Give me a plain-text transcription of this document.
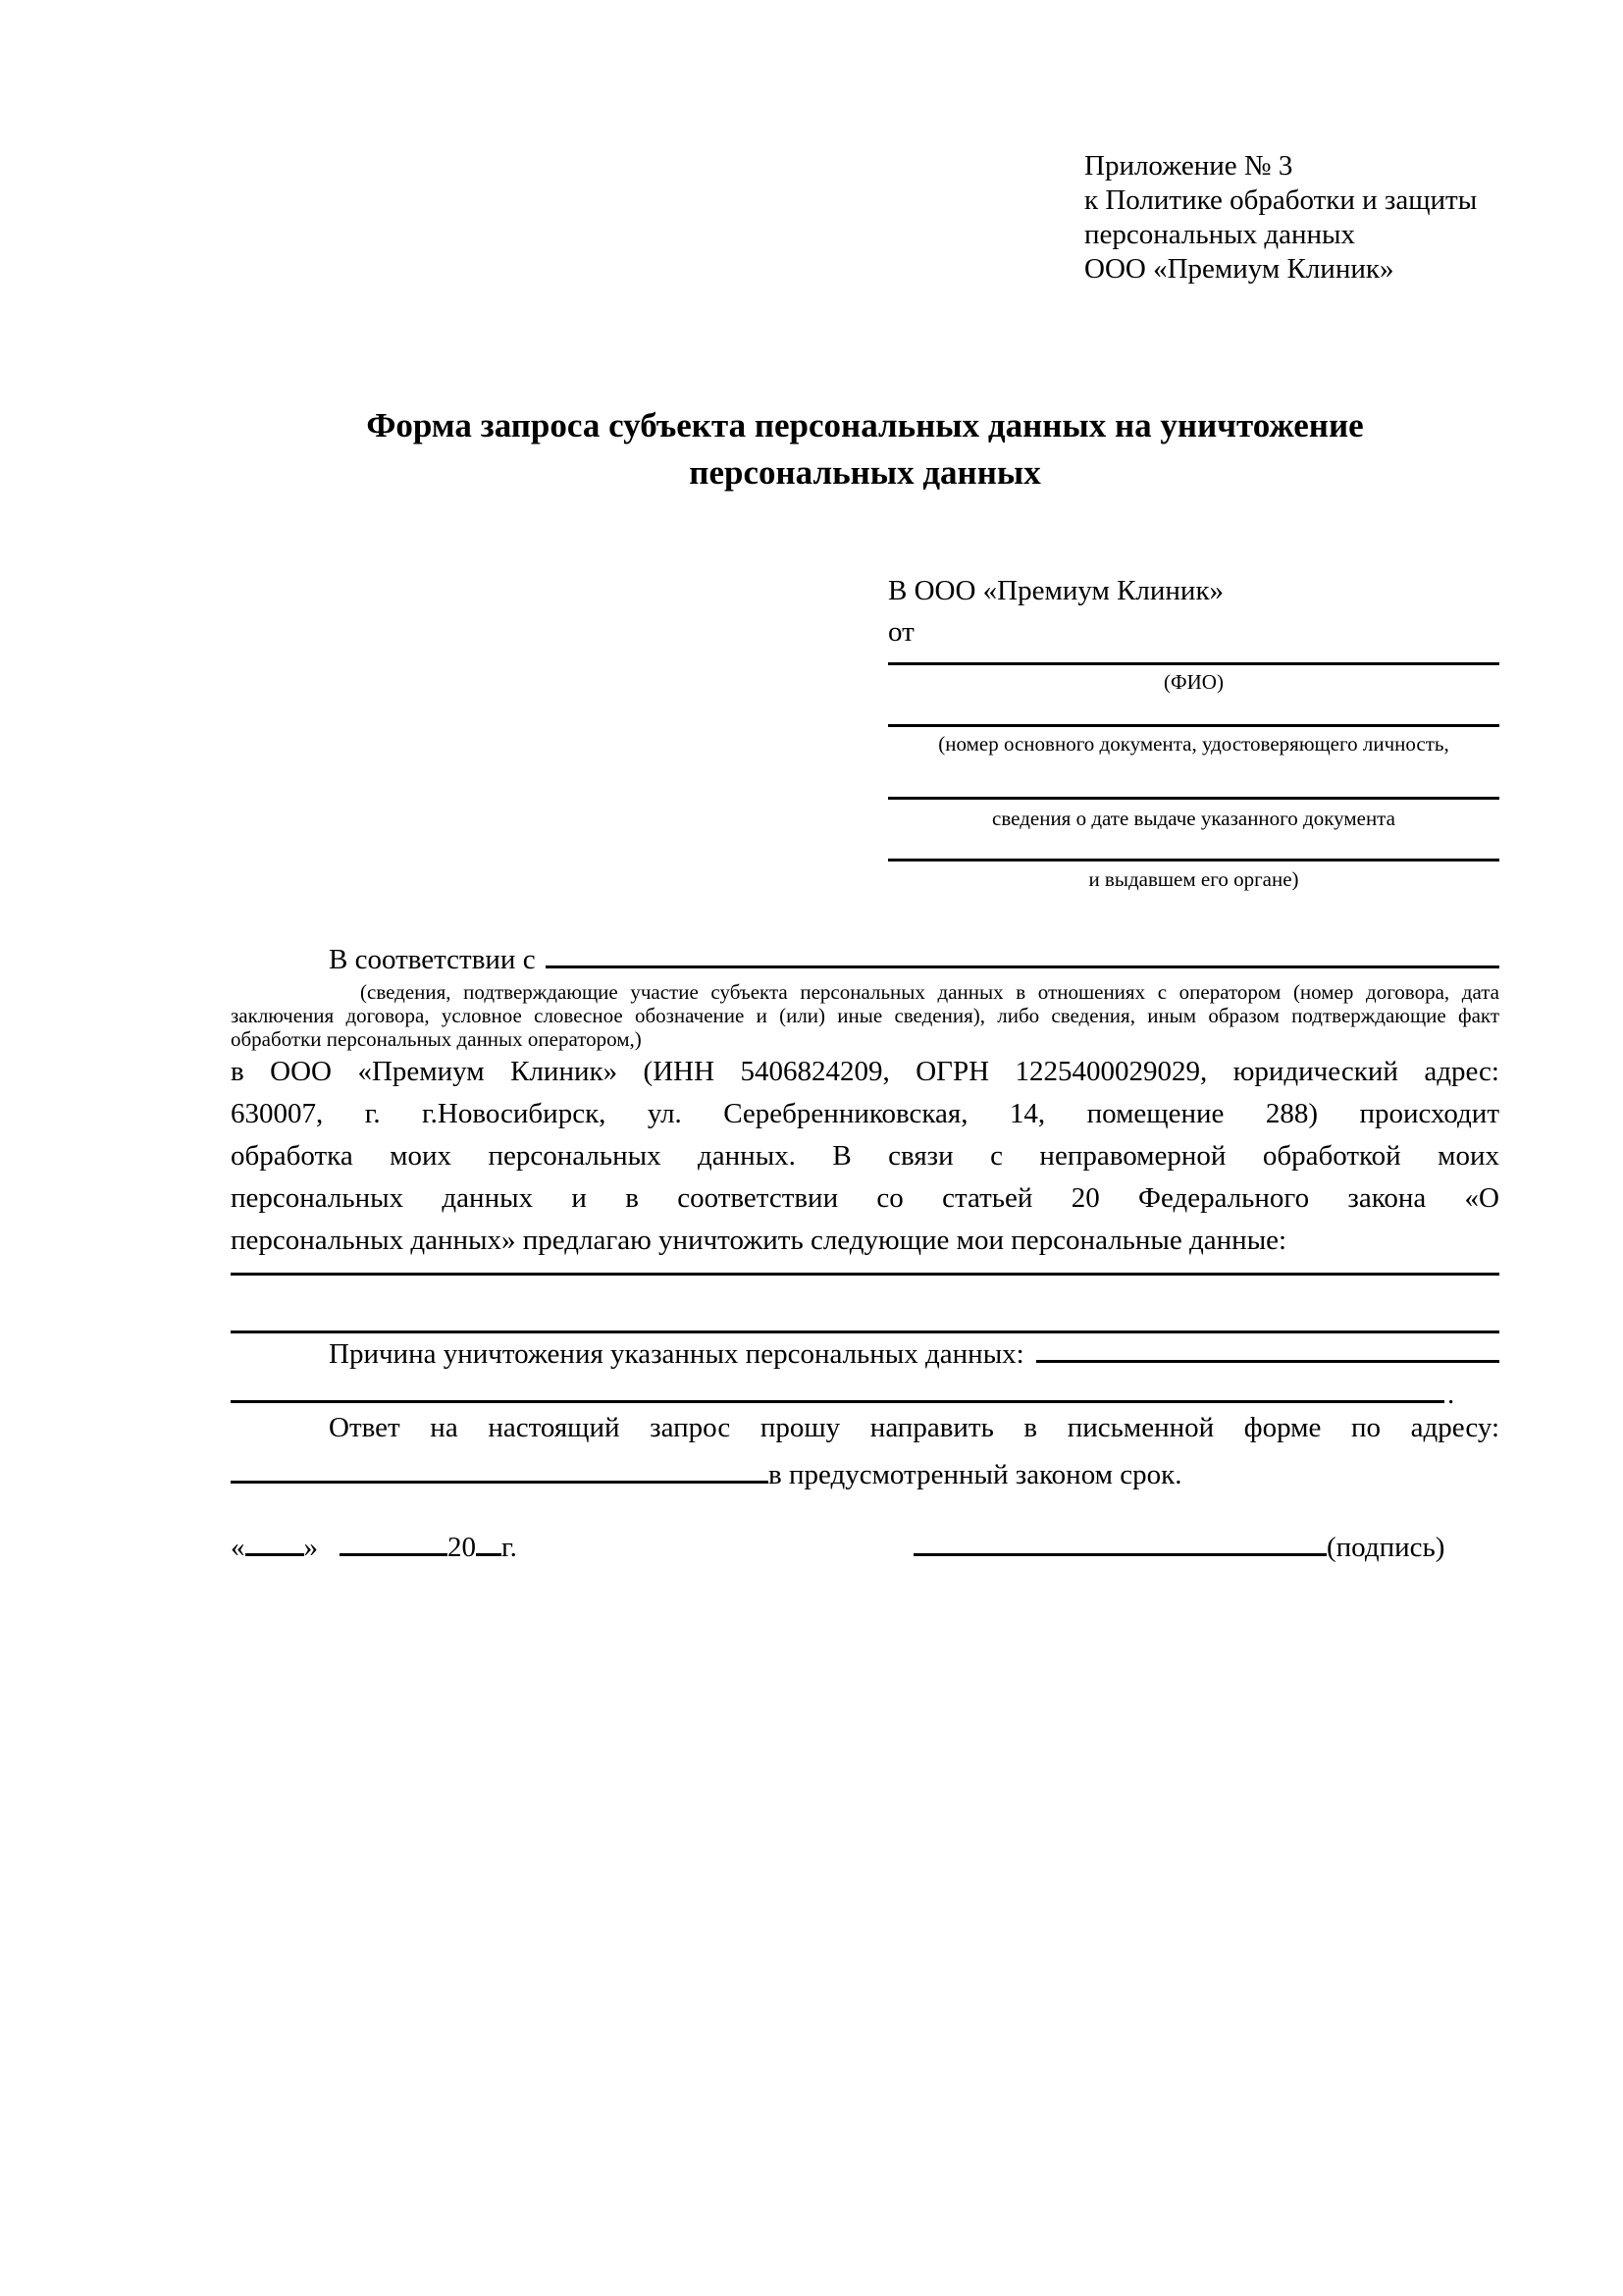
Приложение № 3
к Политике обработки и защиты
персональных данных
ООО «Премиум Клиник»
Форма запроса субъекта персональных данных на уничтожение
персональных данных
В ООО «Премиум Клиник»
от
(ФИО)
(номер основного документа, удостоверяющего личность,
сведения о дате выдаче указанного документа
и выдавшем его органе)
В соответствии с
(сведения, подтверждающие участие субъекта персональных данных в отношениях с оператором (номер договора, дата
заключения договора, условное словесное обозначение и (или) иные сведения), либо сведения, иным образом подтверждающие факт
обработки персональных данных оператором,)
в ООО «Премиум Клиник» (ИНН 5406824209, ОГРН 1225400029029, юридический адрес:
630007, г. г.Новосибирск, ул. Серебренниковская, 14, помещение 288) происходит
обработка моих персональных данных. В связи с неправомерной обработкой моих
персональных данных и в соответствии со статьей 20 Федерального закона «О
персональных данных» предлагаю уничтожить следующие мои персональные данные:
Причина уничтожения указанных персональных данных:
.
Ответ на настоящий запрос прошу направить в письменной форме по адресу:
в предусмотренный законом срок.
« »	20 г.	(подпись)
